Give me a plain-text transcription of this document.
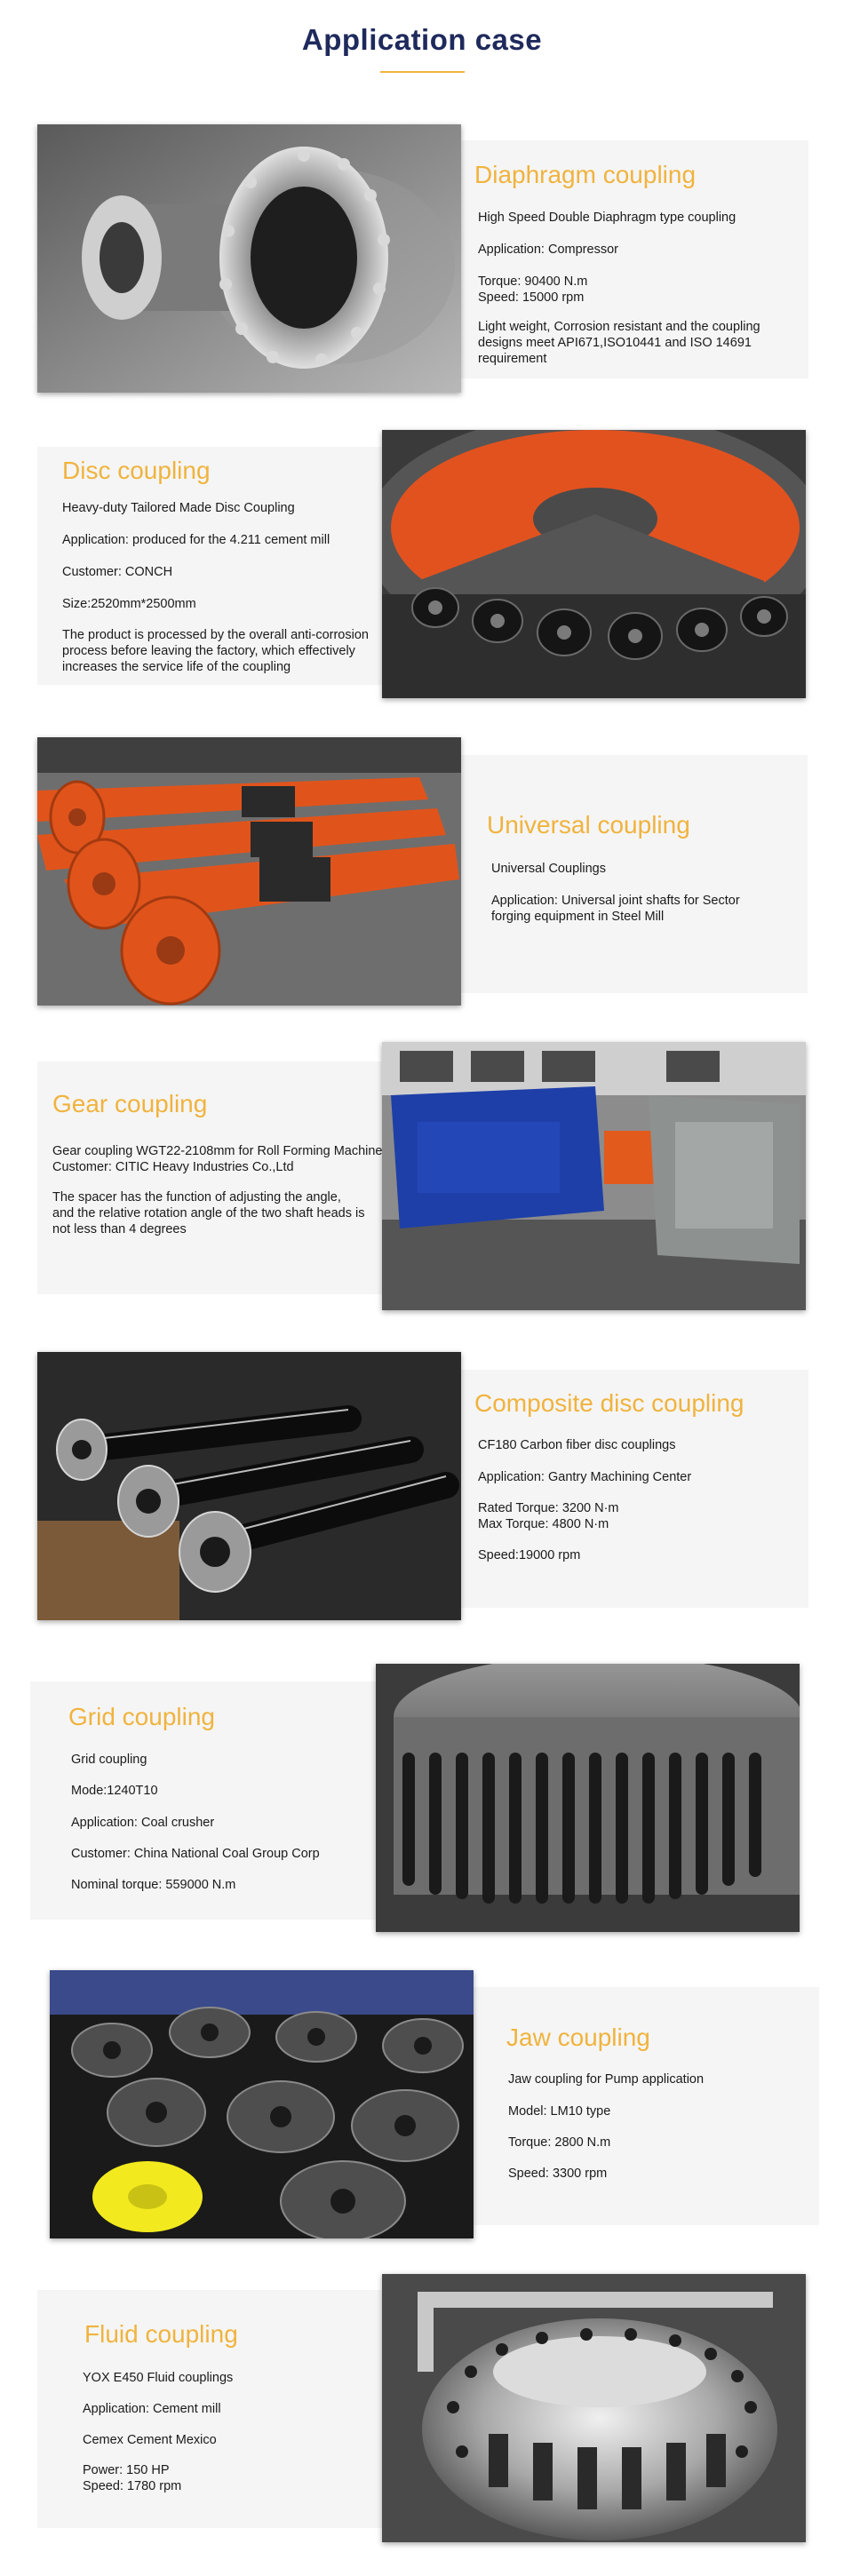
Application case
Diaphragm coupling
High Speed Double Diaphragm type coupling
Application: Compressor
Torque: 90400 N.m
Speed: 15000 rpm
Light weight, Corrosion resistant and the coupling
designs meet API671,ISO10441 and ISO 14691
requirement
Disc coupling
Heavy-duty Tailored Made Disc Coupling
Application: produced for the 4.211 cement mill
Customer: CONCH
Size:2520mm*2500mm
The product is processed by the overall anti-corrosion
process before leaving the factory, which effectively
increases the service life of the coupling
Universal coupling
Universal Couplings
Application: Universal joint shafts for Sector
forging equipment in Steel Mill
Gear coupling
Gear coupling WGT22-2108mm for Roll Forming Machine
Customer: CITIC Heavy Industries Co.,Ltd
The spacer has the function of adjusting the angle,
and the relative rotation angle of the two shaft heads is
not less than 4 degrees
Composite disc coupling
CF180 Carbon fiber disc couplings
Application: Gantry Machining Center
Rated Torque: 3200 N·m
Max Torque: 4800 N·m
Speed:19000 rpm
Grid coupling
Grid coupling
Mode:1240T10
Application: Coal crusher
Customer: China National Coal Group Corp
Nominal torque: 559000 N.m
Jaw coupling
Jaw coupling for Pump application
Model: LM10 type
Torque: 2800 N.m
Speed: 3300 rpm
Fluid coupling
YOX E450 Fluid couplings
Application: Cement mill
Cemex Cement Mexico
Power: 150 HP
Speed: 1780 rpm
